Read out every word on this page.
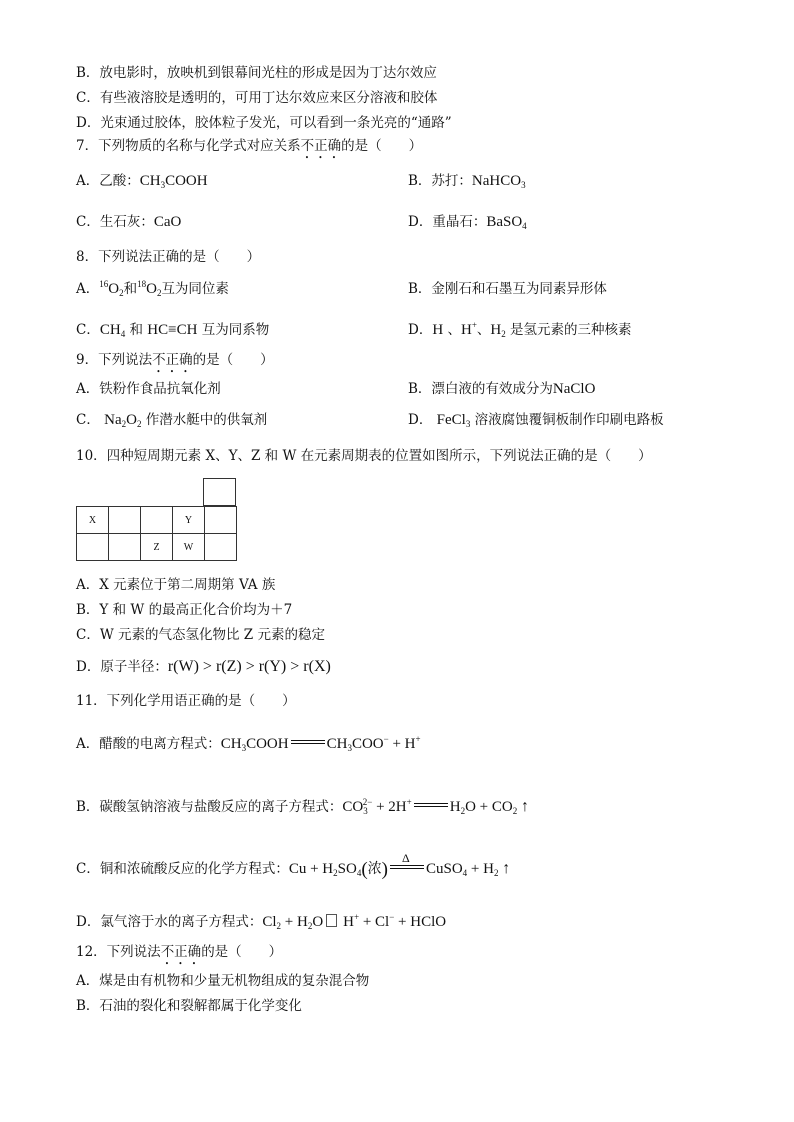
B．放电影时，放映机到银幕间光柱的形成是因为丁达尔效应
C．有些液溶胶是透明的，可用丁达尔效应来区分溶液和胶体
D．光束通过胶体，胶体粒子发光，可以看到一条光亮的“通路”
7．下列物质的名称与化学式对应关系不正确的是（　　）
A．乙酸：$CH_3COOH$	B．苏打：NaHCO$_3$
C．生石灰：CaO	D．重晶石：BaSO$_4$
8．下列说法正确的是（　　）
A．$^{16}O_2$和$^{18}O_2$互为同位素	B．金刚石和石墨互为同素异形体
C．$CH_4$ 和 HC≡CH 互为同系物	D．H 、H+、$H_2$ 是氢元素的三种核素
9．下列说法不正确的是（　　）
A．铁粉作食品抗氧化剂	B．漂白液的有效成分为NaClO
C． $Na_2O_2$ 作潜水艇中的供氧剂	D． FeCl$_3$ 溶液腐蚀覆铜板制作印刷电路板
10．四种短周期元素 X、Y、Z 和 W 在元素周期表的位置如图所示，下列说法正确的是（　　）
X			Y	
		Z	W	
A．X 元素位于第二周期第 VA 族
B．Y 和 W 的最高正化合价均为＋7
C．W 元素的气态氢化物比 Z 元素的稳定
D．原子半径：r(W) > r(Z) > r(Y) > r(X)
11．下列化学用语正确的是（　　）
A．醋酸的电离方程式：$CH_3COOH$	$CH_3COO^- + H^+$
B．碳酸氢钠溶液与盐酸反应的离子方程式：$CO_3^{2-} + 2H^+$	$H_2O + CO_2$ ↑
C．铜和浓硫酸反应的化学方程式：$Cu + H_2SO_4$(浓)
Δ
CuSO$_4$ + $H_2$ ↑
D．氯气溶于水的离子方程式：$Cl_2 + H_2O$ H+ + Cl− + HClO
12．下列说法不正确的是（　　）
A．煤是由有机物和少量无机物组成的复杂混合物
B．石油的裂化和裂解都属于化学变化
